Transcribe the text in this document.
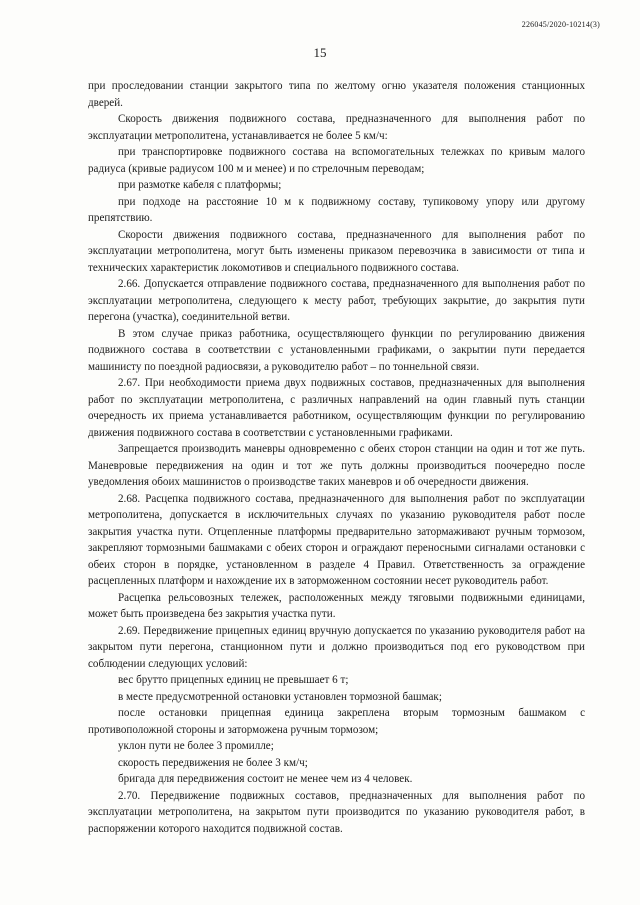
226045/2020-10214(3)

15

при проследовании станции закрытого типа по желтому огню указателя положения станционных дверей.

Скорость движения подвижного состава, предназначенного для выполнения работ по эксплуатации метрополитена, устанавливается не более 5 км/ч:

при транспортировке подвижного состава на вспомогательных тележках по кривым малого радиуса (кривые радиусом 100 м и менее) и по стрелочным переводам;

при размотке кабеля с платформы;

при подходе на расстояние 10 м к подвижному составу, тупиковому упору или другому препятствию.

Скорости движения подвижного состава, предназначенного для выполнения работ по эксплуатации метрополитена, могут быть изменены приказом перевозчика в зависимости от типа и технических характеристик локомотивов и специального подвижного состава.

2.66. Допускается отправление подвижного состава, предназначенного для выполнения работ по эксплуатации метрополитена, следующего к месту работ, требующих закрытие, до закрытия пути перегона (участка), соединительной ветви.

В этом случае приказ работника, осуществляющего функции по регулированию движения подвижного состава в соответствии с установленными графиками, о закрытии пути передается машинисту по поездной радиосвязи, а руководителю работ – по тоннельной связи.

2.67. При необходимости приема двух подвижных составов, предназначенных для выполнения работ по эксплуатации метрополитена, с различных направлений на один главный путь станции очередность их приема устанавливается работником, осуществляющим функции по регулированию движения подвижного состава в соответствии с установленными графиками.

Запрещается производить маневры одновременно с обеих сторон станции на один и тот же путь. Маневровые передвижения на один и тот же путь должны производиться поочередно после уведомления обоих машинистов о производстве таких маневров и об очередности движения.

2.68. Расцепка подвижного состава, предназначенного для выполнения работ по эксплуатации метрополитена, допускается в исключительных случаях по указанию руководителя работ после закрытия участка пути. Отцепленные платформы предварительно затормаживают ручным тормозом, закрепляют тормозными башмаками с обеих сторон и ограждают переносными сигналами остановки с обеих сторон в порядке, установленном в разделе 4 Правил. Ответственность за ограждение расцепленных платформ и нахождение их в заторможенном состоянии несет руководитель работ.

Расцепка рельсовозных тележек, расположенных между тяговыми подвижными единицами, может быть произведена без закрытия участка пути.

2.69. Передвижение прицепных единиц вручную допускается по указанию руководителя работ на закрытом пути перегона, станционном пути и должно производиться под его руководством при соблюдении следующих условий:

вес брутто прицепных единиц не превышает 6 т;

в месте предусмотренной остановки установлен тормозной башмак;

после остановки прицепная единица закреплена вторым тормозным башмаком с противоположной стороны и заторможена ручным тормозом;

уклон пути не более 3 промилле;

скорость передвижения не более 3 км/ч;

бригада для передвижения состоит не менее чем из 4 человек.

2.70. Передвижение подвижных составов, предназначенных для выполнения работ по эксплуатации метрополитена, на закрытом пути производится по указанию руководителя работ, в распоряжении которого находится подвижной состав.
